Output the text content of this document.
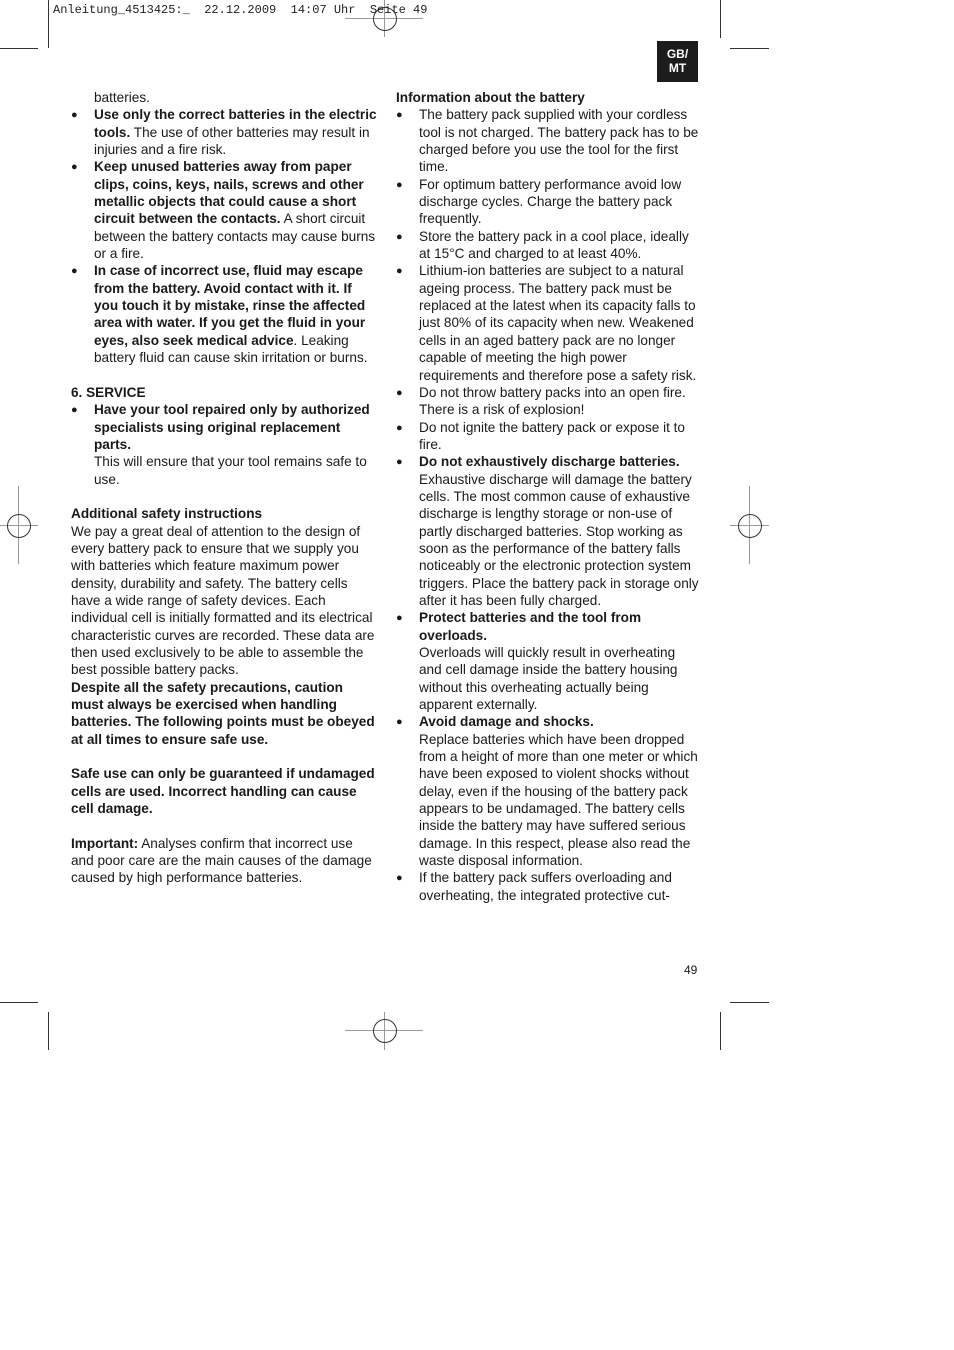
Anleitung_4513425:_  22.12.2009  14:07 Uhr  Seite 49
GB/
MT

batteries.

● Use only the correct batteries in the electric tools. The use of other batteries may result in injuries and a fire risk.

● Keep unused batteries away from paper clips, coins, keys, nails, screws and other metallic objects that could cause a short circuit between the contacts. A short circuit between the battery contacts may cause burns or a fire.

● In case of incorrect use, fluid may escape from the battery. Avoid contact with it. If you touch it by mistake, rinse the affected area with water. If you get the fluid in your eyes, also seek medical advice. Leaking battery fluid can cause skin irritation or burns.

6. SERVICE

● Have your tool repaired only by authorized specialists using original replacement parts.

This will ensure that your tool remains safe to use.

Additional safety instructions

We pay a great deal of attention to the design of every battery pack to ensure that we supply you with batteries which feature maximum power density, durability and safety. The battery cells have a wide range of safety devices. Each individual cell is initially formatted and its electrical characteristic curves are recorded. These data are then used exclusively to be able to assemble the best possible battery packs.

Despite all the safety precautions, caution must always be exercised when handling batteries. The following points must be obeyed at all times to ensure safe use.

Safe use can only be guaranteed if undamaged cells are used. Incorrect handling can cause cell damage.

Important: Analyses confirm that incorrect use and poor care are the main causes of the damage caused by high performance batteries.

Information about the battery

● The battery pack supplied with your cordless tool is not charged. The battery pack has to be charged before you use the tool for the first time.

● For optimum battery performance avoid low discharge cycles. Charge the battery pack frequently.

● Store the battery pack in a cool place, ideally at 15°C and charged to at least 40%.

● Lithium-ion batteries are subject to a natural ageing process. The battery pack must be replaced at the latest when its capacity falls to just 80% of its capacity when new. Weakened cells in an aged battery pack are no longer capable of meeting the high power requirements and therefore pose a safety risk.

● Do not throw battery packs into an open fire. There is a risk of explosion!

● Do not ignite the battery pack or expose it to fire.

● Do not exhaustively discharge batteries.

Exhaustive discharge will damage the battery cells. The most common cause of exhaustive discharge is lengthy storage or non-use of partly discharged batteries. Stop working as soon as the performance of the battery falls noticeably or the electronic protection system triggers. Place the battery pack in storage only after it has been fully charged.

● Protect batteries and the tool from overloads.

Overloads will quickly result in overheating and cell damage inside the battery housing without this overheating actually being apparent externally.

● Avoid damage and shocks.

Replace batteries which have been dropped from a height of more than one meter or which have been exposed to violent shocks without delay, even if the housing of the battery pack appears to be undamaged. The battery cells inside the battery may have suffered serious damage. In this respect, please also read the waste disposal information.

● If the battery pack suffers overloading and overheating, the integrated protective cut-

49
